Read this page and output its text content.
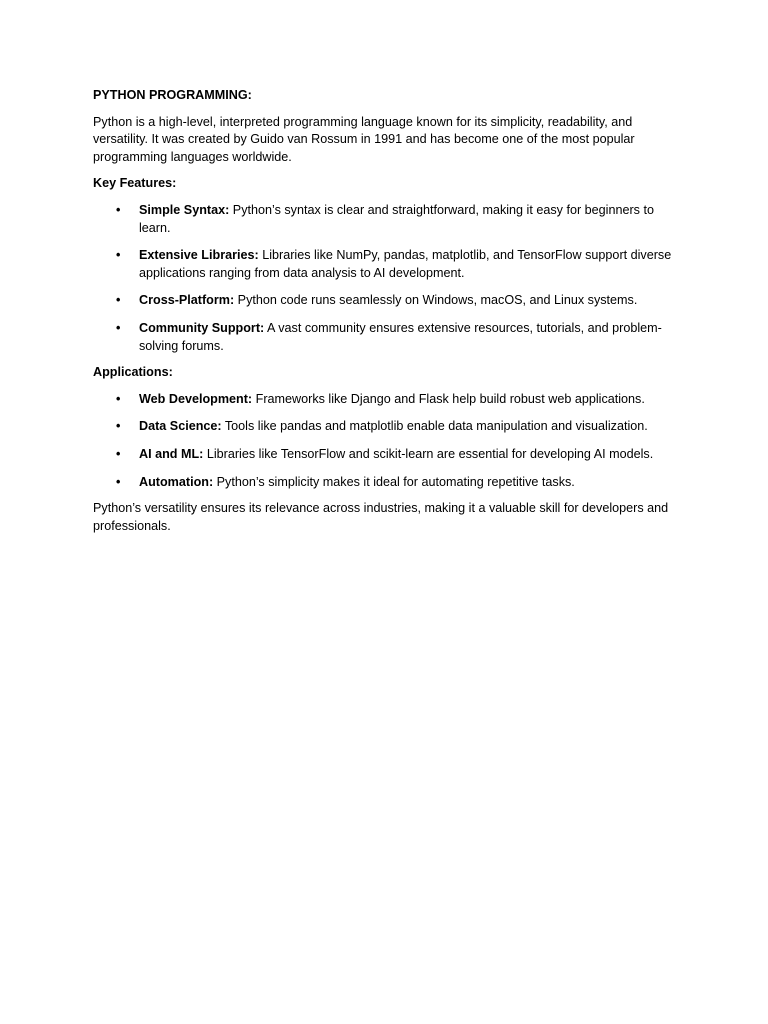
PYTHON PROGRAMMING:

Python is a high-level, interpreted programming language known for its simplicity, readability, and versatility. It was created by Guido van Rossum in 1991 and has become one of the most popular programming languages worldwide.

Key Features:

• Simple Syntax: Python’s syntax is clear and straightforward, making it easy for beginners to learn.
• Extensive Libraries: Libraries like NumPy, pandas, matplotlib, and TensorFlow support diverse applications ranging from data analysis to AI development.
• Cross-Platform: Python code runs seamlessly on Windows, macOS, and Linux systems.
• Community Support: A vast community ensures extensive resources, tutorials, and problem-solving forums.

Applications:

• Web Development: Frameworks like Django and Flask help build robust web applications.
• Data Science: Tools like pandas and matplotlib enable data manipulation and visualization.
• AI and ML: Libraries like TensorFlow and scikit-learn are essential for developing AI models.
• Automation: Python’s simplicity makes it ideal for automating repetitive tasks.

Python’s versatility ensures its relevance across industries, making it a valuable skill for developers and professionals.
